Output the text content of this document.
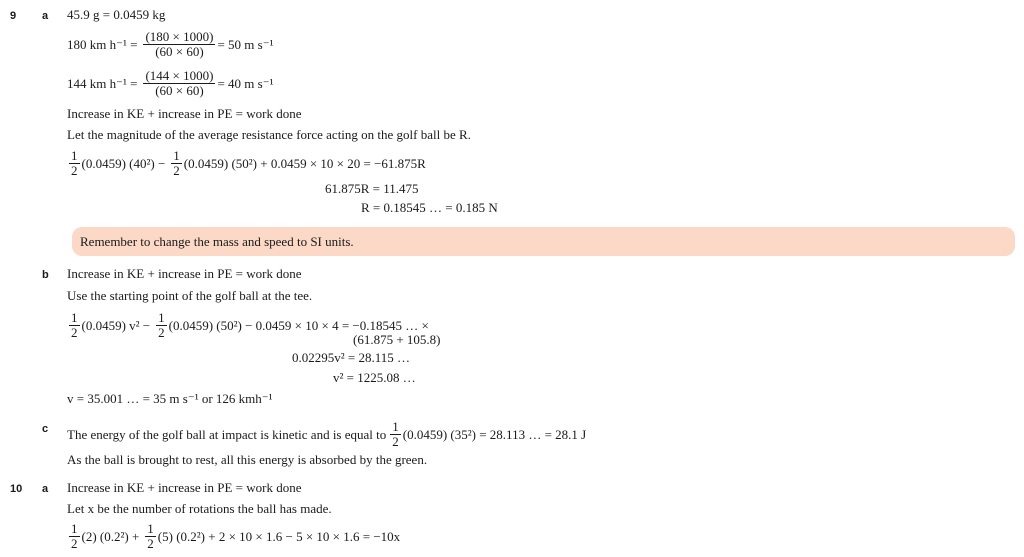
9 a 45.9 g = 0.0459 kg
180 km $h^{-1} = \frac{(180 \times 1000)}{(60 \times 60)} = 50$ m s⁻¹
144 km $h^{-1} = \frac{(144 \times 1000)}{(60 \times 60)} = 40$ m s⁻¹
Increase in KE + increase in PE = work done
Let the magnitude of the average resistance force acting on the golf ball be R.
$\frac{1}{2} (0.0459) (40^2) - \frac{1}{2} (0.0459) (50^2) + 0.0459 \times 10 \times 20 = -61.875R$
61.875R = 11.475
R = 0.18545 … = 0.185 N
Remember to change the mass and speed to SI units.
b Increase in KE + increase in PE = work done
Use the starting point of the golf ball at the tee.
$\frac{1}{2} (0.0459) v^2 - \frac{1}{2} (0.0459) (50^2) - 0.0459 \times 10 \times 4 = -0.18545$ … ×
(61.875 + 105.8)
0.02295v² = 28.115 …
v² = 1225.08 …
v = 35.001 … = 35 m s⁻¹ or 126 kmh⁻¹
c The energy of the golf ball at impact is kinetic and is equal to $\frac{1}{2} (0.0459) (35^2) = 28.113$ … = 28.1 J
As the ball is brought to rest, all this energy is absorbed by the green.
10 a Increase in KE + increase in PE = work done
Let x be the number of rotations the ball has made.
$\frac{1}{2} (2) (0.2^2) + \frac{1}{2} (5) (0.2^2) + 2 \times 10 \times 1.6 - 5 \times 10 \times 1.6 = -10x$
